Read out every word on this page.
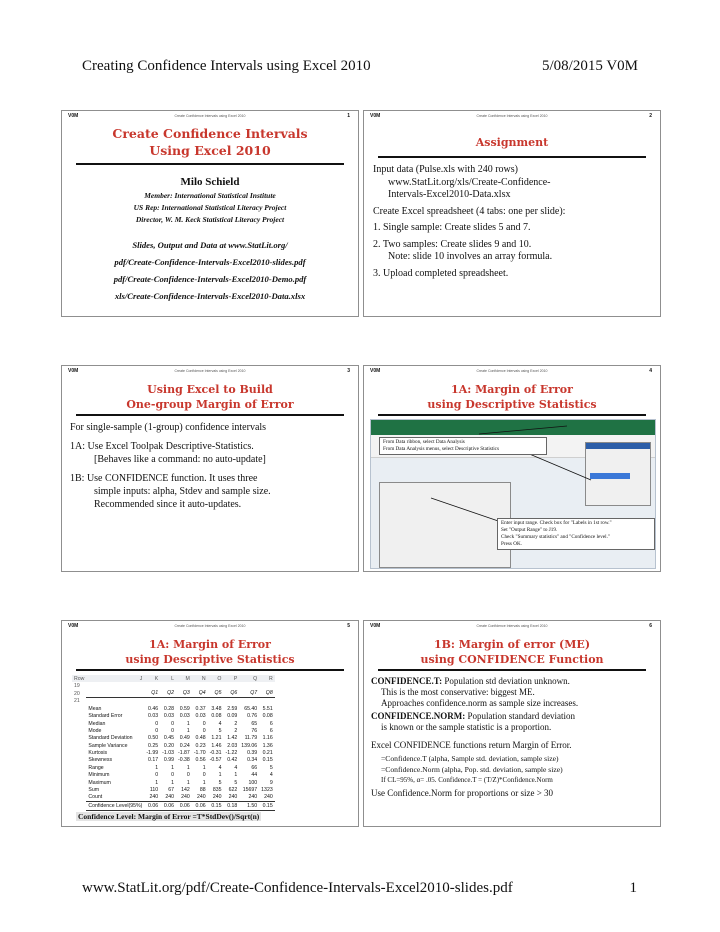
Creating Confidence Intervals using Excel 2010	5/08/2015 V0M
V0M	Create Confidence Intervals using Excel 2010	1
Create Confidence Intervals
Using Excel 2010
Milo Schield
Member: International Statistical Institute
US Rep: International Statistical Literacy Project
Director, W. M. Keck Statistical Literacy Project
Slides, Output and Data at www.StatLit.org/
pdf/Create-Confidence-Intervals-Excel2010-slides.pdf
pdf/Create-Confidence-Intervals-Excel2010-Demo.pdf
xls/Create-Confidence-Intervals-Excel2010-Data.xlsx
V0M	Create Confidence Intervals using Excel 2010	2
Assignment
Input data (Pulse.xls with 240 rows)
www.StatLit.org/xls/Create-Confidence-
Intervals-Excel2010-Data.xlsx
Create Excel spreadsheet (4 tabs: one per slide):
1. Single sample: Create slides 5 and 7.
2. Two samples: Create slides 9 and 10.
Note: slide 10 involves an array formula.
3. Upload completed spreadsheet.
V0M	Create Confidence Intervals using Excel 2010	3
Using Excel to Build
One-group Margin of Error
For single-sample (1-group) confidence intervals
1A: Use Excel Toolpak Descriptive-Statistics.
[Behaves like a command: no auto-update]
1B: Use CONFIDENCE function. It uses three
simple inputs: alpha, Stdev and sample size.
Recommended since it auto-updates.
V0M	Create Confidence Intervals using Excel 2010	4
1A: Margin of Error
using Descriptive Statistics
From Data ribbon, select Data Analysis
From Data Analysis menus, select Descriptive Statistics
Enter input range. Check box for "Labels in 1st row."
Set "Output Range" to J19.
Check "Summary statistics" and "Confidence level."
Press OK.
V0M	Create Confidence Intervals using Excel 2010	5
1A: Margin of Error
using Descriptive Statistics
Row	J	K	L	M	N	O	P	Q	R
19									
20		Q1	Q2	Q3	Q4	Q5	Q6	Q7	Q8
21									
	Mean	0.46	0.28	0.59	0.37	3.48	2.59	65.40	5.51
	Standard Error	0.03	0.03	0.03	0.03	0.08	0.09	0.76	0.08
	Median	0	0	1	0	4	2	65	6
	Mode	0	0	1	0	5	2	76	6
	Standard Deviation	0.50	0.45	0.49	0.48	1.21	1.42	11.79	1.16
	Sample Variance	0.25	0.20	0.24	0.23	1.46	2.03	139.06	1.36
	Kurtosis	-1.99	-1.03	-1.87	-1.70	-0.31	-1.22	0.39	0.21
	Skewness	0.17	0.99	-0.38	0.56	-0.57	0.42	0.34	0.15
	Range	1	1	1	1	4	4	66	5
	Minimum	0	0	0	0	1	1	44	4
	Maximum	1	1	1	1	5	5	100	9
	Sum	110	67	142	88	835	622	15697	1323
	Count	240	240	240	240	240	240	240	240
	Confidence Level(95%)	0.06	0.06	0.06	0.06	0.15	0.18	1.50	0.15
Confidence Level: Margin of Error =T*StdDev()/Sqrt(n)
V0M	Create Confidence Intervals using Excel 2010	6
1B: Margin of error (ME)
using CONFIDENCE Function
CONFIDENCE.T: Population std deviation unknown.
This is the most conservative: biggest ME.
Approaches confidence.norm as sample size increases.
CONFIDENCE.NORM: Population standard deviation
is known or the sample statistic is a proportion.
Excel CONFIDENCE functions return Margin of Error.
=Confidence.T (alpha, Sample std. deviation, sample size)
=Confidence.Norm (alpha, Pop. std. deviation, sample size)
If CL=95%, α= .05. Confidence.T = (T/Z)*Confidence.Norm
Use Confidence.Norm for proportions or size > 30
www.StatLit.org/pdf/Create-Confidence-Intervals-Excel2010-slides.pdf	1
